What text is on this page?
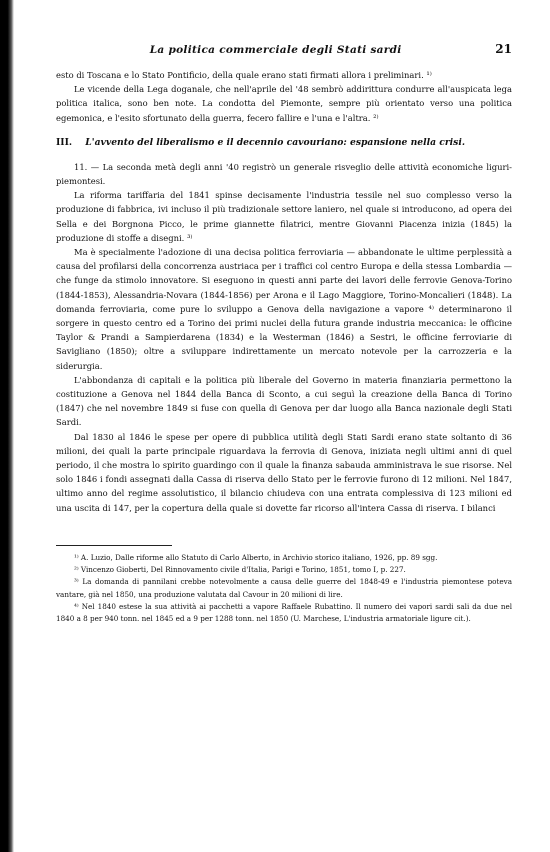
La politica commerciale degli Stati sardi	21

esto di Toscana e lo Stato Pontificio, della quale erano stati firmati allora i preliminari. ¹⁾

Le vicende della Lega doganale, che nell'aprile del '48 sembrò addirittura condurre all'auspicata lega politica italica, sono ben note. La condotta del Piemonte, sempre più orientato verso una politica egemonica, e l'esito sfortunato della guerra, fecero fallire e l'una e l'altra. ²⁾

III. L'avvento del liberalismo e il decennio cavouriano: espansione nella crisi.

11. — La seconda metà degli anni '40 registrò un generale risveglio delle attività economiche liguri-piemontesi.

La riforma tariffaria del 1841 spinse decisamente l'industria tessile nel suo complesso verso la produzione di fabbrica, ivi incluso il più tradizionale settore laniero, nel quale si introducono, ad opera dei Sella e dei Borgnona Picco, le prime giannette filatrici, mentre Giovanni Piacenza inizia (1845) la produzione di stoffe a disegni. ³⁾

Ma è specialmente l'adozione di una decisa politica ferroviaria — abbandonate le ultime perplessità a causa del profilarsi della concorrenza austriaca per i traffici col centro Europa e della stessa Lombardia — che funge da stimolo innovatore. Si eseguono in questi anni parte dei lavori delle ferrovie Genova-Torino (1844-1853), Alessandria-Novara (1844-1856) per Arona e il Lago Maggiore, Torino-Moncalieri (1848). La domanda ferroviaria, come pure lo sviluppo a Genova della navigazione a vapore ⁴⁾ determinarono il sorgere in questo centro ed a Torino dei primi nuclei della futura grande industria meccanica: le officine Taylor & Prandi a Sampierdarena (1834) e la Westerman (1846) a Sestri, le officine ferroviarie di Savigliano (1850); oltre a sviluppare indirettamente un mercato notevole per la carrozzeria e la siderurgia.

L'abbondanza di capitali e la politica più liberale del Governo in materia finanziaria permettono la costituzione a Genova nel 1844 della Banca di Sconto, a cui seguì la creazione della Banca di Torino (1847) che nel novembre 1849 si fuse con quella di Genova per dar luogo alla Banca nazionale degli Stati Sardi.

Dal 1830 al 1846 le spese per opere di pubblica utilità degli Stati Sardi erano state soltanto di 36 milioni, dei quali la parte principale riguardava la ferrovia di Genova, iniziata negli ultimi anni di quel periodo, il che mostra lo spirito guardingo con il quale la finanza sabauda amministrava le sue risorse. Nel solo 1846 i fondi assegnati dalla Cassa di riserva dello Stato per le ferrovie furono di 12 milioni. Nel 1847, ultimo anno del regime assolutistico, il bilancio chiudeva con una entrata complessiva di 123 milioni ed una uscita di 147, per la copertura della quale si dovette far ricorso all'intera Cassa di riserva. I bilanci

¹⁾ A. Luzio, Dalle riforme allo Statuto di Carlo Alberto, in Archivio storico italiano, 1926, pp. 89 sgg.

²⁾ Vincenzo Gioberti, Del Rinnovamento civile d'Italia, Parigi e Torino, 1851, tomo I, p. 227.

³⁾ La domanda di pannilani crebbe notevolmente a causa delle guerre del 1848-49 e l'industria piemontese poteva vantare, già nel 1850, una produzione valutata dal Cavour in 20 milioni di lire.

⁴⁾ Nel 1840 estese la sua attività ai pacchetti a vapore Raffaele Rubattino. Il numero dei vapori sardi sali da due nel 1840 a 8 per 940 tonn. nel 1845 ed a 9 per 1288 tonn. nel 1850 (U. Marchese, L'industria armatoriale ligure cit.).
